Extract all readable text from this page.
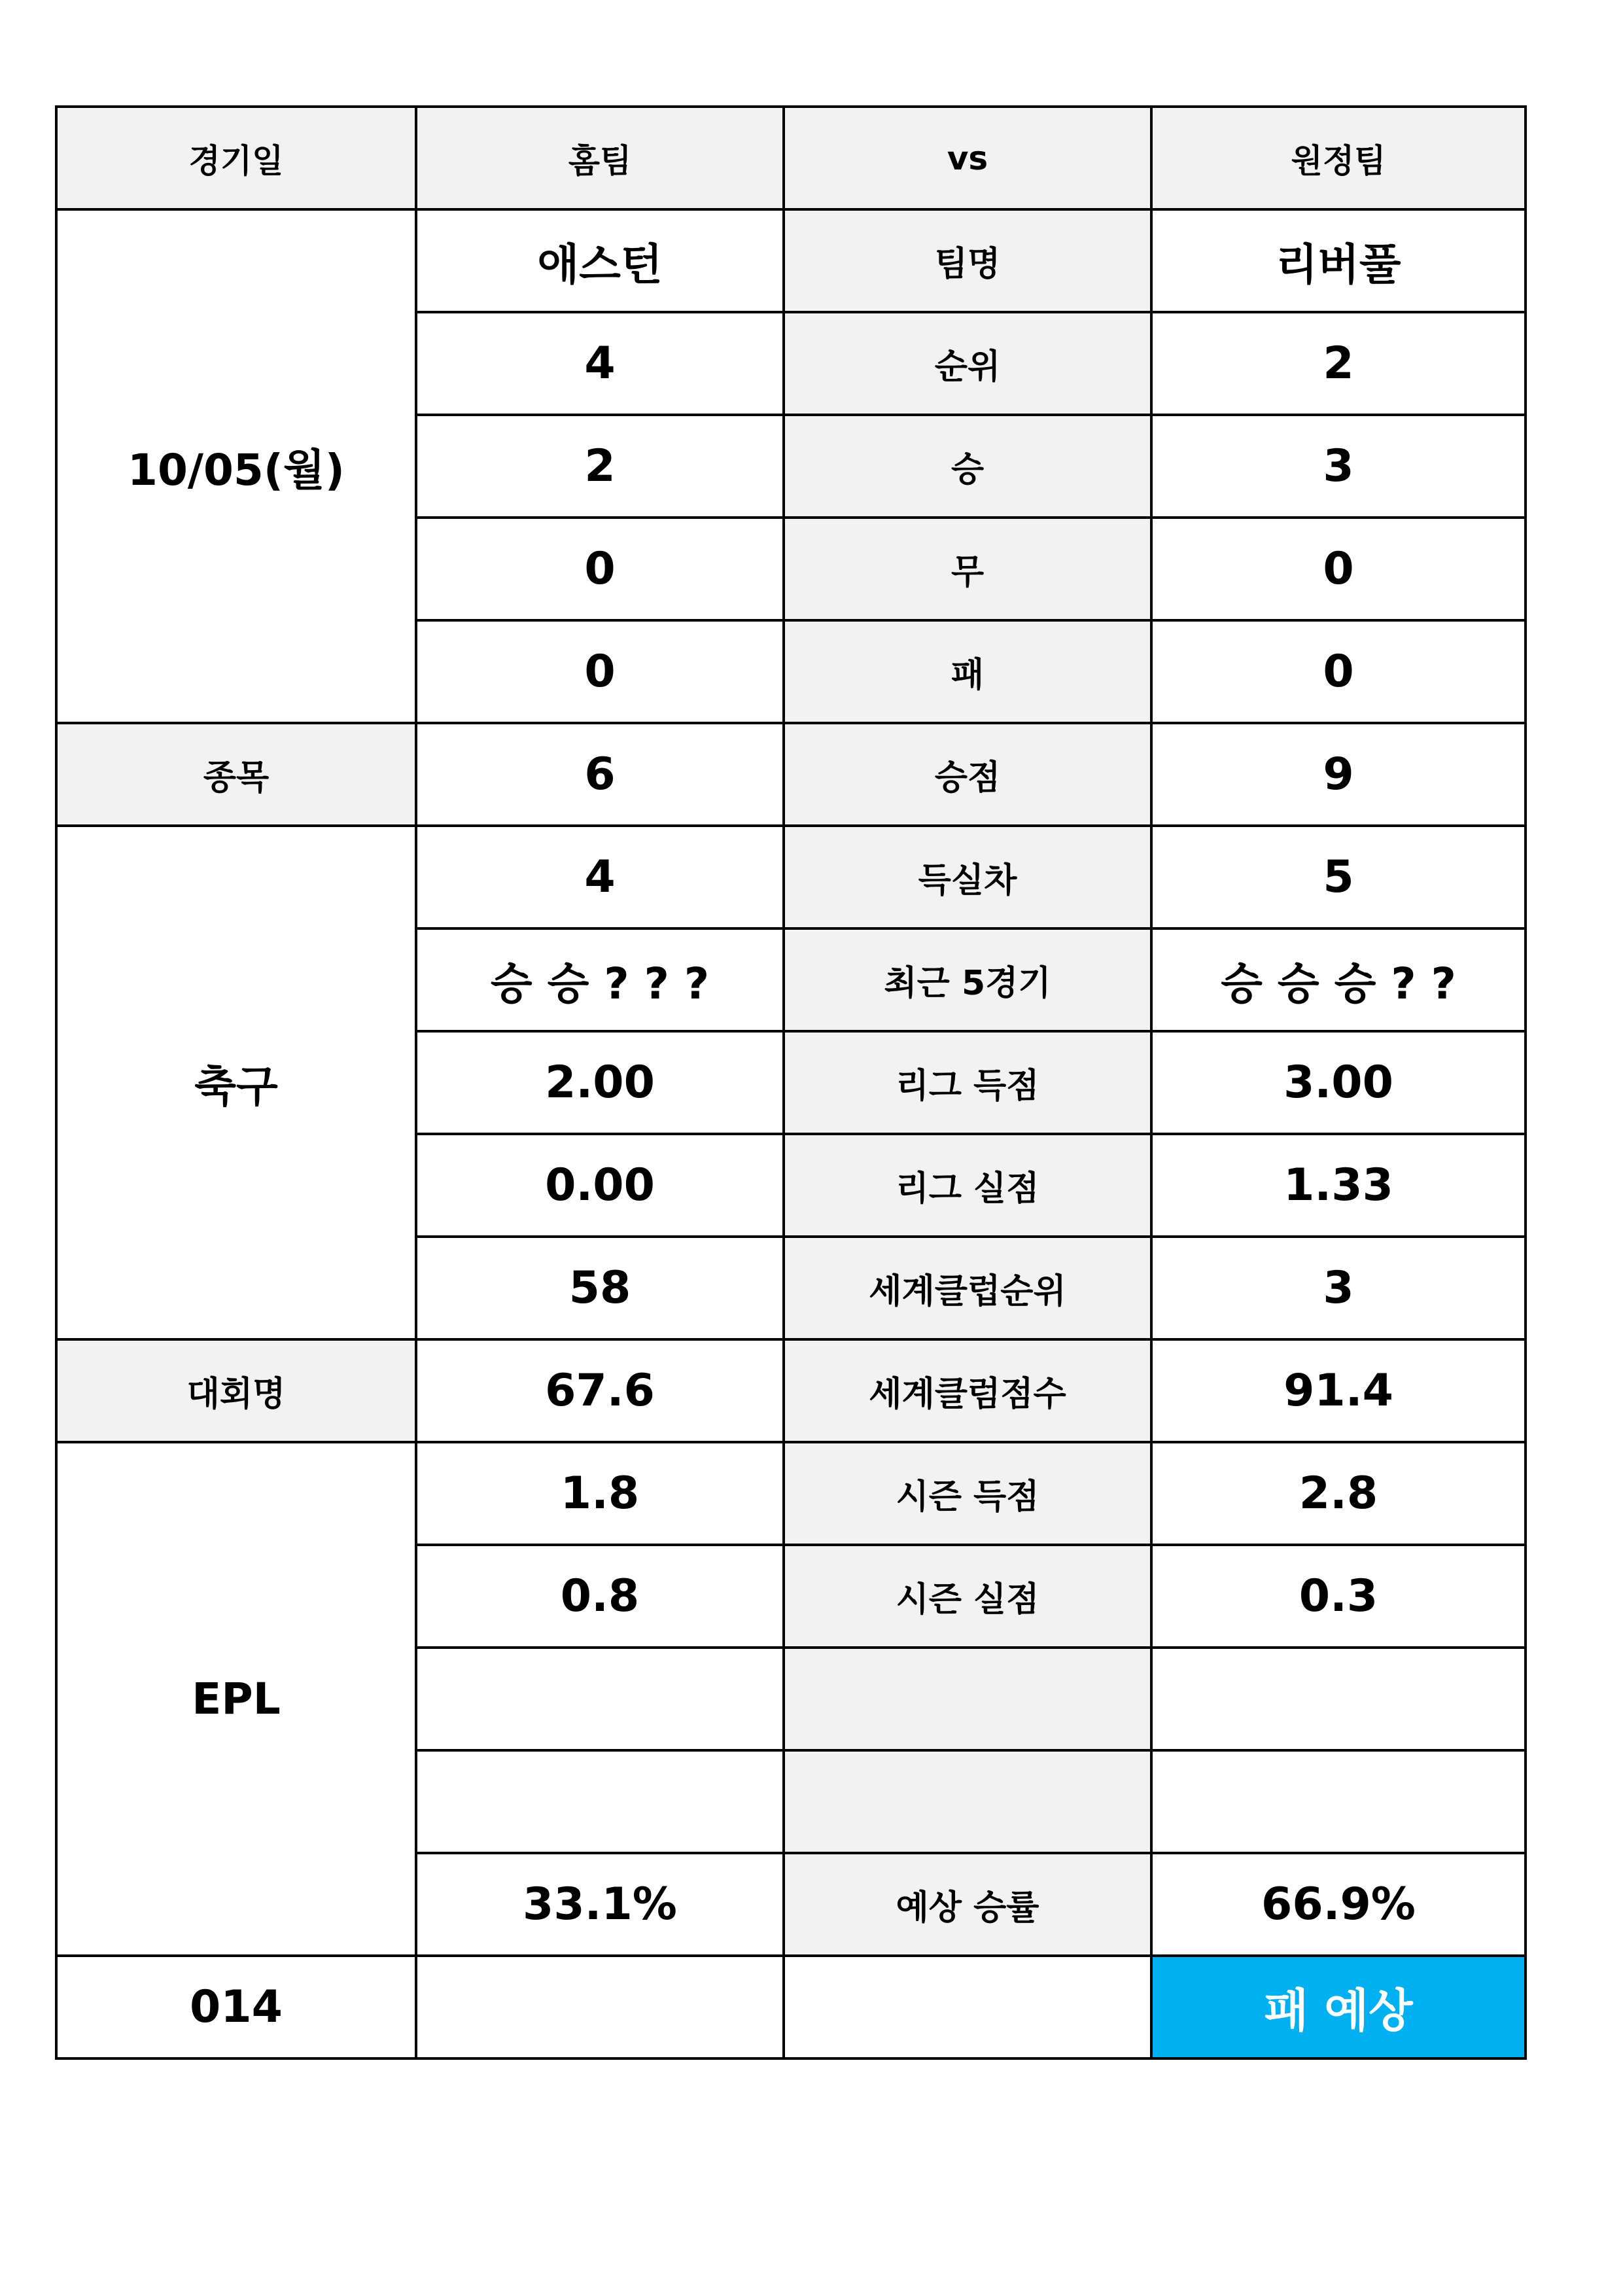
경기일	홈팀	vs	원정팀
10/05(월)	애스턴	팀명	리버풀
	4	순위	2
	2	승	3
	0	무	0
	0	패	0
종목	6	승점	9
축구	4	득실차	5
	승 승 ? ? ?	최근 5경기	승 승 승 ? ?
	2.00	리그 득점	3.00
	0.00	리그 실점	1.33
	58	세계클럽순위	3
대회명	67.6	세계클럼점수	91.4
EPL	1.8	시즌 득점	2.8
	0.8	시즌 실점	0.3

	33.1%	예상 승률	66.9%
014			패 예상
